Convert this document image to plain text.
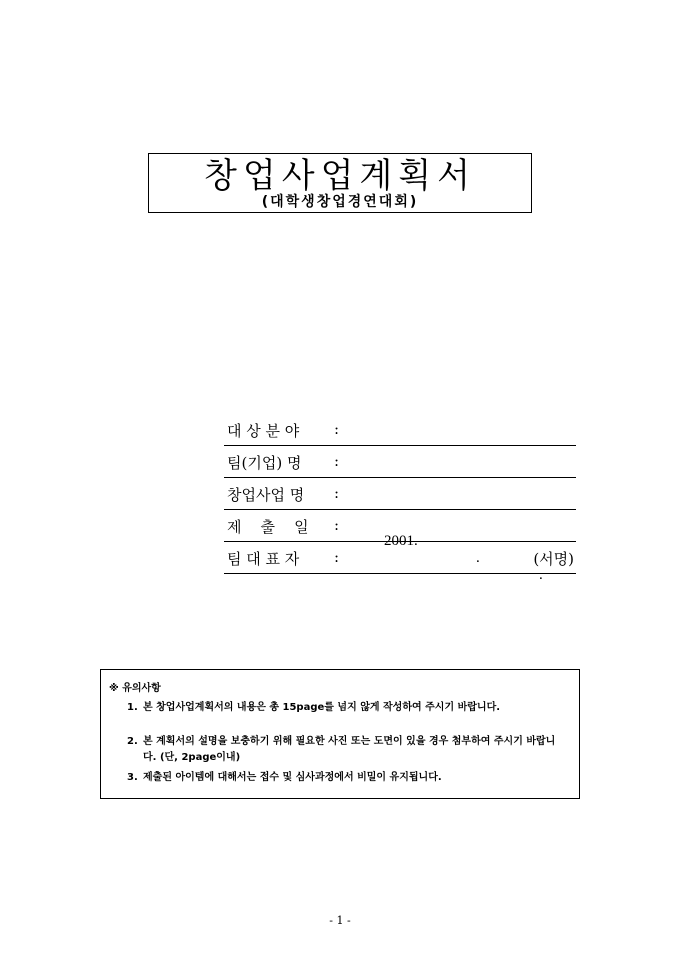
창업사업계획서
(대학생창업경연대회)
대 상 분 야 :
팀(기업) 명 :
창업사업 명 :
제    출    일 :

2001.

.

.

팀 대 표 자 :	(서명)
※ 유의사항
1. 본 창업사업계획서의 내용은 총 15page를 넘지 않게 작성하여 주시기 바랍니다.
2. 본 계획서의 설명을 보충하기 위해 필요한 사진 또는 도면이 있을 경우 첨부하여 주시기 바랍니다. (단, 2page이내)
3. 제출된 아이템에 대해서는 접수 및 심사과정에서 비밀이 유지됩니다.
- 1 -
